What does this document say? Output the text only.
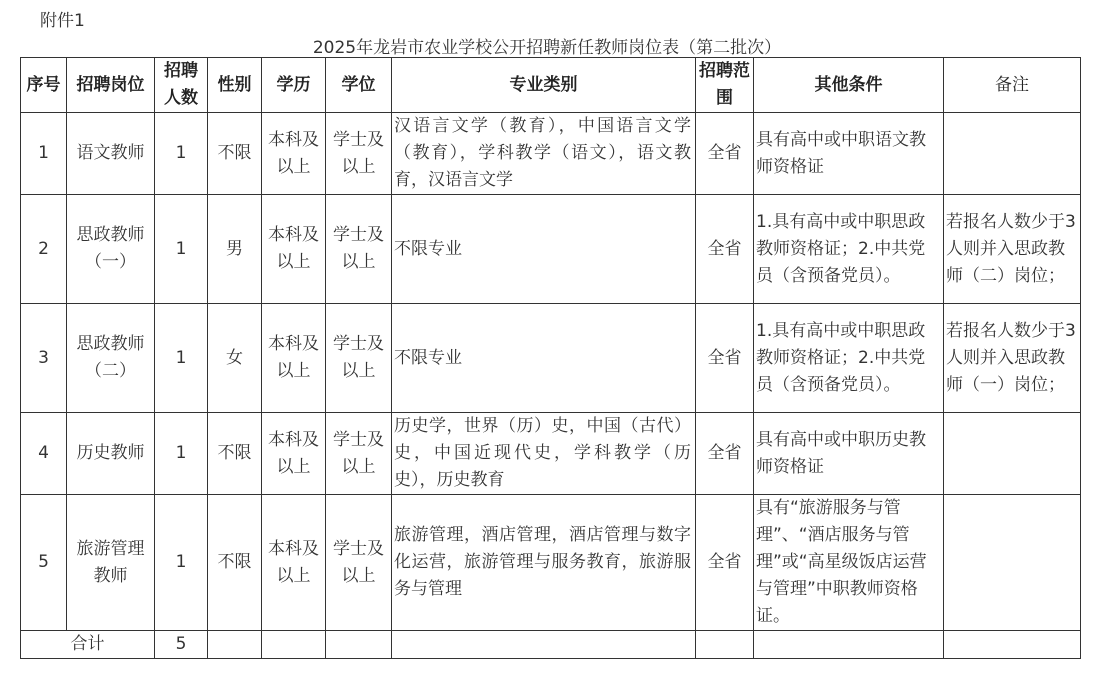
附件1
2025年龙岩市农业学校公开招聘新任教师岗位表（第二批次）
序号	招聘岗位	招聘人数	性别	学历	学位	专业类别	招聘范围	其他条件	备注
1	语文教师	1	不限	本科及以上	学士及以上	汉语言文学（教育），中国语言文学（教育），学科教学（语文），语文教育，汉语言文学	全省	具有高中或中职语文教师资格证	
2	思政教师（一）	1	男	本科及以上	学士及以上	不限专业	全省	1.具有高中或中职思政教师资格证；2.中共党员（含预备党员）。	若报名人数少于3人则并入思政教师（二）岗位；
3	思政教师（二）	1	女	本科及以上	学士及以上	不限专业	全省	1.具有高中或中职思政教师资格证；2.中共党员（含预备党员）。	若报名人数少于3人则并入思政教师（一）岗位；
4	历史教师	1	不限	本科及以上	学士及以上	历史学，世界（历）史，中国（古代）史，中国近现代史，学科教学（历史），历史教育	全省	具有高中或中职历史教师资格证	
5	旅游管理教师	1	不限	本科及以上	学士及以上	旅游管理，酒店管理，酒店管理与数字化运营，旅游管理与服务教育，旅游服务与管理	全省	具有“旅游服务与管理”、“酒店服务与管理”或“高星级饭店运营与管理”中职教师资格证。	
合计		5							
